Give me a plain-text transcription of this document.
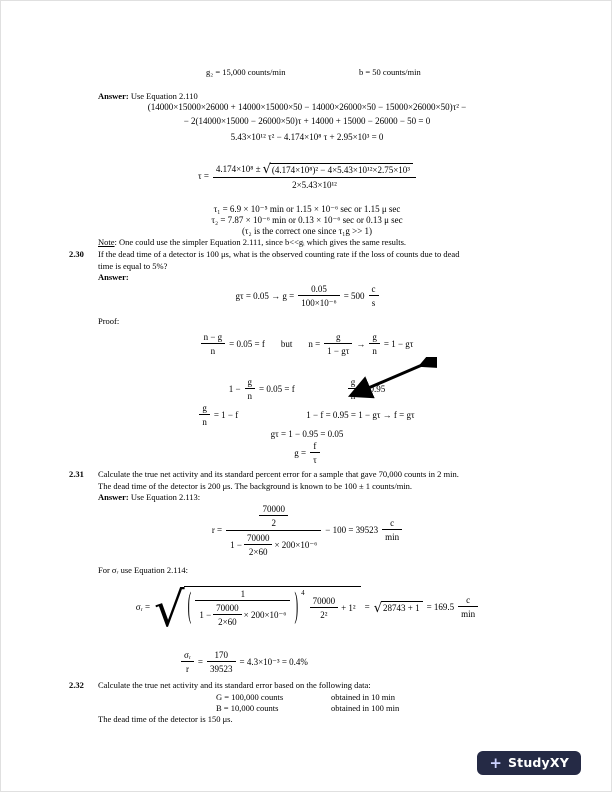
g₂ = 15,000 counts/min	b = 50 counts/min
Answer: Use Equation 2.110
(14000×15000×26000 + 14000×15000×50 − 14000×26000×50 − 15000×26000×50)τ² −
− 2(14000×15000 − 26000×50)τ + 14000 + 15000 − 26000 − 50 = 0
5.43×10¹² τ² − 4.174×10⁸ τ + 2.95×10³ = 0
τ =
4.174×10⁸ ± √ (4.174×10⁸)² − 4×5.43×10¹²×2.75×10³
2×5.43×10¹²
τ₁ = 6.9 × 10⁻⁵ min or 1.15 × 10⁻⁶ sec or 1.15 μ sec
τ₂ = 7.87 × 10⁻⁶ min or 0.13 × 10⁻⁶ sec or 0.13 μ sec
(τ₂ is the correct one since τ₁g >> 1)
Note: One could use the simpler Equation 2.111, since b<<gᵢ which gives the same results.
2.30	If the dead time of a detector is 100 μs, what is the observed counting rate if the loss of counts due to dead
time is equal to 5%?
Answer:
$g\tau = 0.05 \to g = \frac{0.05}{\text{100×10⁻⁶}} = 500 \frac{c}{s}$
Proof:
$\frac{n - g}{n} = 0.05 = f$ but $n = \frac{g}{1 - g\tau} \to \frac{g}{n} = 1 - g\tau$
$1 - \frac{g}{n} = 0.05 = f$	$\frac{g}{n} = 0.95$
$\frac{g}{n} = 1 - f$	1 − f = 0.95 = 1 − gτ → f = gτ
gτ = 1 − 0.95 = 0.05
$g = \frac{f}{\tau}$
2.31	Calculate the true net activity and its standard percent error for a sample that gave 70,000 counts in 2 min.
The dead time of the detector is 200 μs. The background is known to be 100 ± 1 counts/min.
Answer: Use Equation 2.113:
r =
$\frac{70000}{2}$
$1 - \frac{70000}{2\times 60} \times 200\times 10^{-6}$
− $100 = 39523 \frac{c}{\min}$
For σᵣ use Equation 2.114:
σᵣ = √ (	1
$1 - \frac{70000}{2\times 60} \times 200\times 10^{-6}$ ) 4
$\frac{70000}{\text{2²}} + 1^2$ = √ $28743 + 1 = 169.5 \frac{c}{\min}$
$\frac{\text{σᵣ}}{r} = \frac{170}{39523} = 4.3\times 10^{-3} = 0.4\%$
2.32	Calculate the true net activity and its standard error based on the following data:
G = 100,000 counts	obtained in 10 min
B = 10,000 counts	obtained in 100 min
The dead time of the detector is 150 μs.
+ StudyXY
